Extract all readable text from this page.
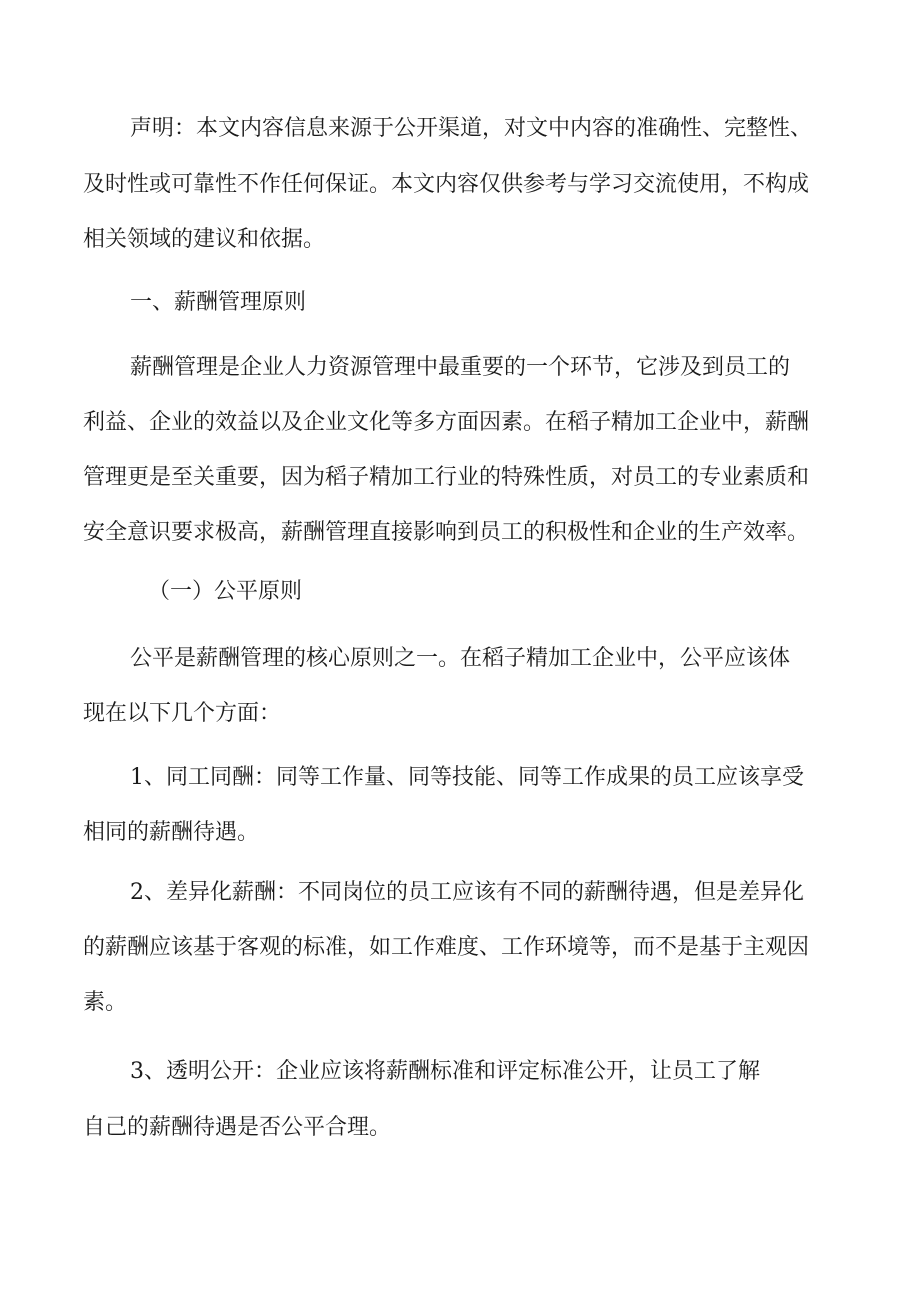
声明：本文内容信息来源于公开渠道，对文中内容的准确性、完整性、

及时性或可靠性不作任何保证。本文内容仅供参考与学习交流使用，不构成

相关领域的建议和依据。

一、薪酬管理原则

薪酬管理是企业人力资源管理中最重要的一个环节，它涉及到员工的

利益、企业的效益以及企业文化等多方面因素。在稻子精加工企业中，薪酬

管理更是至关重要，因为稻子精加工行业的特殊性质，对员工的专业素质和

安全意识要求极高，薪酬管理直接影响到员工的积极性和企业的生产效率。

（一）公平原则

公平是薪酬管理的核心原则之一。在稻子精加工企业中，公平应该体

现在以下几个方面：

1、同工同酬：同等工作量、同等技能、同等工作成果的员工应该享受

相同的薪酬待遇。

2、差异化薪酬：不同岗位的员工应该有不同的薪酬待遇，但是差异化

的薪酬应该基于客观的标准，如工作难度、工作环境等，而不是基于主观因

素。

3、透明公开：企业应该将薪酬标准和评定标准公开，让员工了解

自己的薪酬待遇是否公平合理。
